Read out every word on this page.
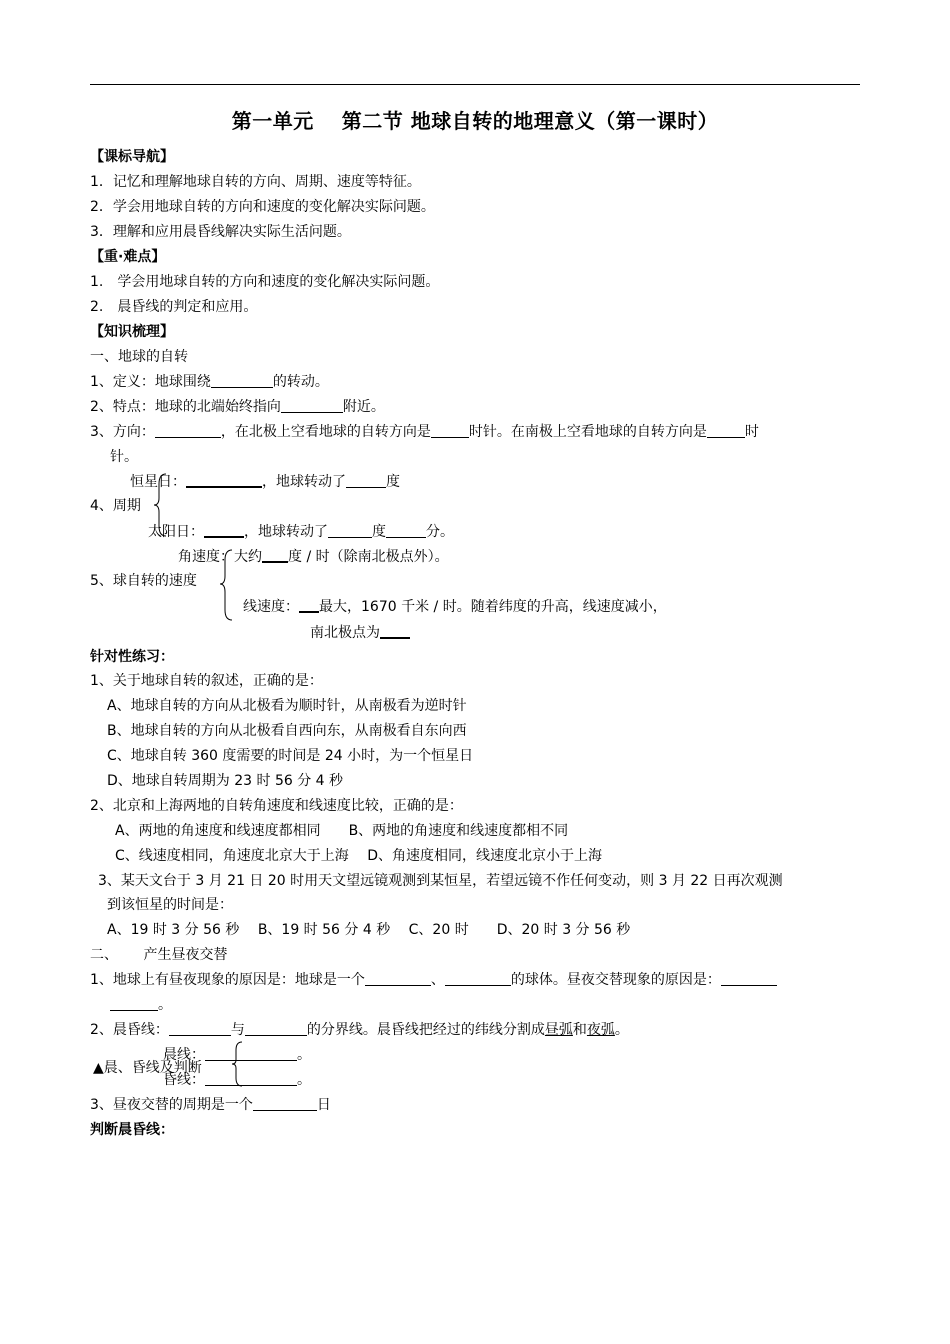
第一单元　 第二节 地球自转的地理意义（第一课时）
【课标导航】
1．记忆和理解地球自转的方向、周期、速度等特征。
2．学会用地球自转的方向和速度的变化解决实际问题。
3．理解和应用晨昏线解决实际生活问题。
【重·难点】
1.　学会用地球自转的方向和速度的变化解决实际问题。
2.　晨昏线的判定和应用。
【知识梳理】
一、地球的自转
1、定义：地球围绕	的转动。
2、特点：地球的北端始终指向	附近。
3、方向：	，在北极上空看地球的自转方向是	时针。在南极上空看地球的自转方向是	时
针。
恒星日：	，地球转动了	度
4、周期
太阳日：	，地球转动了	度	分。
角速度：大约 度 / 时（除南北极点外）。
5、球自转的速度
线速度： 最大，1670 千米 / 时。随着纬度的升高，线速度减小，
南北极点为
针对性练习：
1、关于地球自转的叙述，正确的是：
A、地球自转的方向从北极看为顺时针，从南极看为逆时针
B、地球自转的方向从北极看自西向东，从南极看自东向西
C、地球自转 360 度需要的时间是 24 小时，为一个恒星日
D、地球自转周期为 23 时 56 分 4 秒
2、北京和上海两地的自转角速度和线速度比较，正确的是：
A、两地的角速度和线速度都相同　　B、两地的角速度和线速度都相不同
C、线速度相同，角速度北京大于上海　 D、角速度相同，线速度北京小于上海
3、某天文台于 3 月 21 日 20 时用天文望远镜观测到某恒星，若望远镜不作任何变动，则 3 月 22 日再次观测
到该恒星的时间是：
A、19 时 3 分 56 秒　 B、19 时 56 分 4 秒　 C、20 时　　D、20 时 3 分 56 秒
二、　　 产生昼夜交替
1、地球上有昼夜现象的原因是：地球是一个	、	的球体。昼夜交替现象的原因是：
。
2、晨昏线：	与	的分界线。晨昏线把经过的纬线分割成昼弧和夜弧。
晨线：	。
▲晨、昏线及判断
昏线：	。
3、昼夜交替的周期是一个	日
判断晨昏线：
